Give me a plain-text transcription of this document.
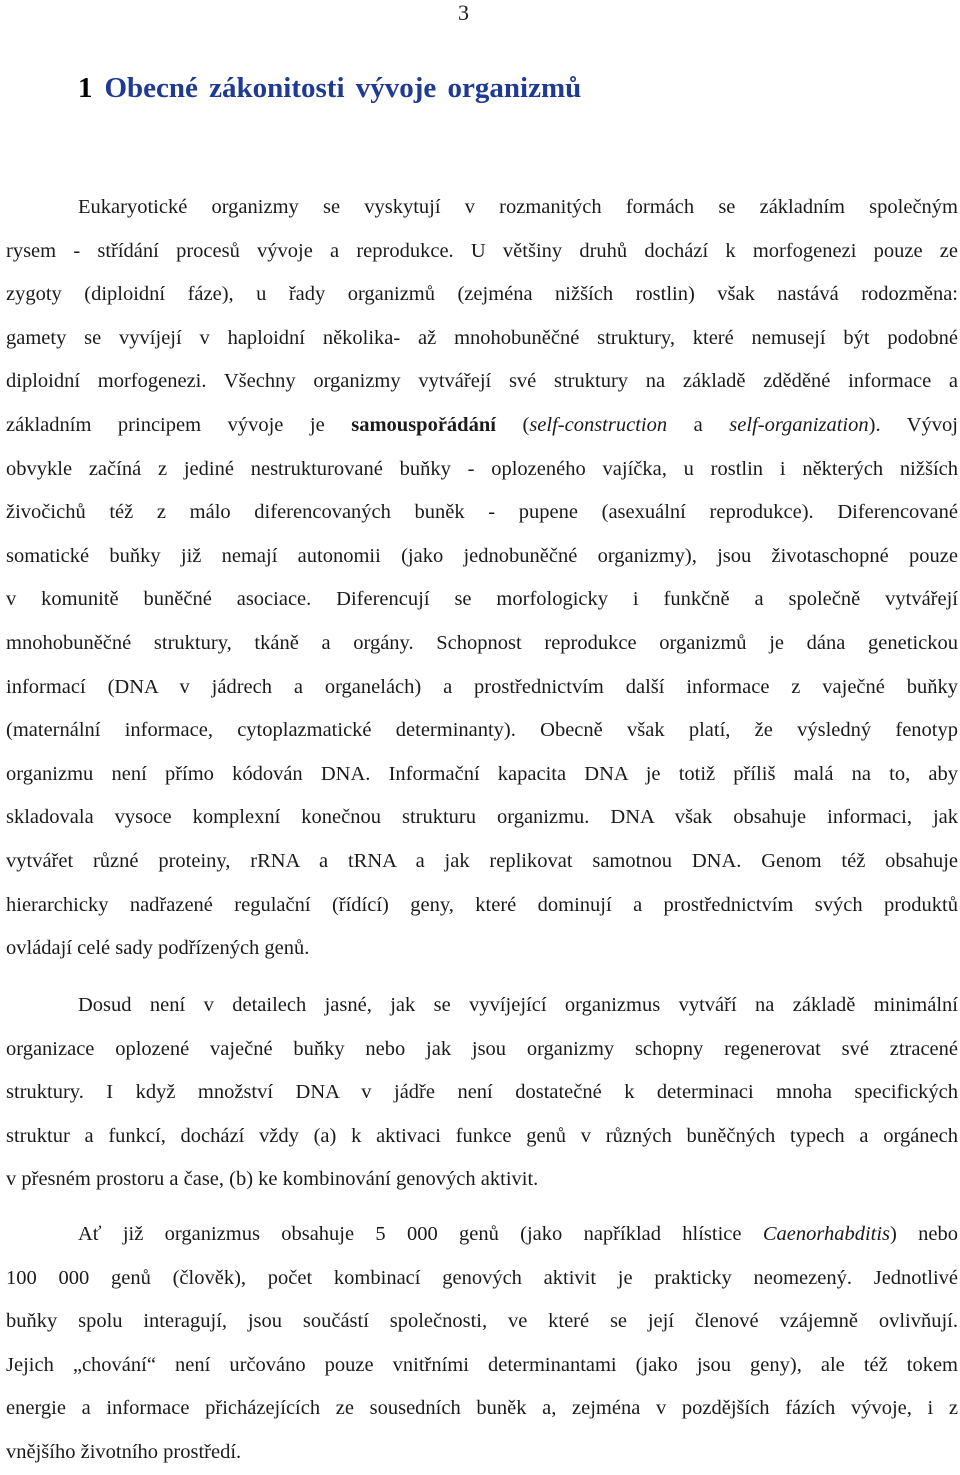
3
1 Obecné zákonitosti vývoje organizmů

Eukaryotické organizmy se vyskytují v rozmanitých formách se základním společným
rysem - střídání procesů vývoje a reprodukce. U většiny druhů dochází k morfogenezi pouze ze
zygoty (diploidní fáze), u řady organizmů (zejména nižších rostlin) však nastává rodozměna:
gamety se vyvíjejí v haploidní několika- až mnohobuněčné struktury, které nemusejí být podobné
diploidní morfogenezi. Všechny organizmy vytvářejí své struktury na základě zděděné informace a
základním principem vývoje je samouspořádání (self-construction a self-organization). Vývoj
obvykle začíná z jediné nestrukturované buňky - oplozeného vajíčka, u rostlin i některých nižších
živočichů též z málo diferencovaných buněk - pupene (asexuální reprodukce). Diferencované
somatické buňky již nemají autonomii (jako jednobuněčné organizmy), jsou životaschopné pouze
v komunitě buněčné asociace. Diferencují se morfologicky i funkčně a společně vytvářejí
mnohobuněčné struktury, tkáně a orgány. Schopnost reprodukce organizmů je dána genetickou
informací (DNA v jádrech a organelách) a prostřednictvím další informace z vaječné buňky
(maternální informace, cytoplazmatické determinanty). Obecně však platí, že výsledný fenotyp
organizmu není přímo kódován DNA. Informační kapacita DNA je totiž příliš malá na to, aby
skladovala vysoce komplexní konečnou strukturu organizmu. DNA však obsahuje informaci, jak
vytvářet různé proteiny, rRNA a tRNA a jak replikovat samotnou DNA. Genom též obsahuje
hierarchicky nadřazené regulační (řídící) geny, které dominují a prostřednictvím svých produktů
ovládají celé sady podřízených genů.

Dosud není v detailech jasné, jak se vyvíjející organizmus vytváří na základě minimální
organizace oplozené vaječné buňky nebo jak jsou organizmy schopny regenerovat své ztracené
struktury. I když množství DNA v jádře není dostatečné k determinaci mnoha specifických
struktur a funkcí, dochází vždy (a) k aktivaci funkce genů v různých buněčných typech a orgánech
v přesném prostoru a čase, (b) ke kombinování genových aktivit.

Ať již organizmus obsahuje 5 000 genů (jako například hlístice Caenorhabditis) nebo
100 000 genů (člověk), počet kombinací genových aktivit je prakticky neomezený. Jednotlivé
buňky spolu interagují, jsou součástí společnosti, ve které se její členové vzájemně ovlivňují.
Jejich „chování“ není určováno pouze vnitřními determinantami (jako jsou geny), ale též tokem
energie a informace přicházejících ze sousedních buněk a, zejména v pozdějších fázích vývoje, i z
vnějšího životního prostředí.
